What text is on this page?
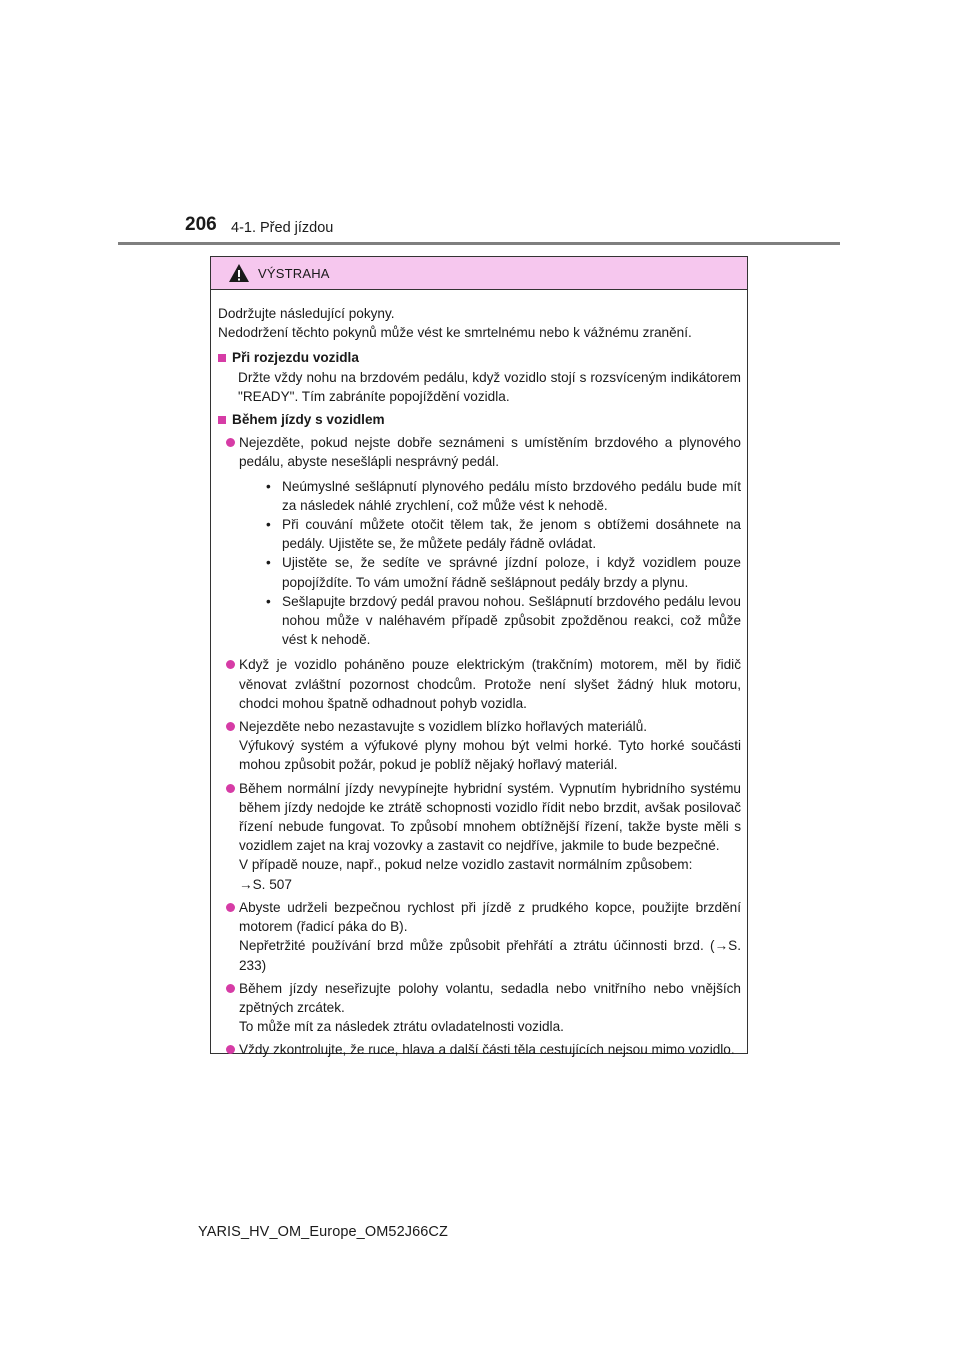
206 4-1. Před jízdou
VÝSTRAHA

Dodržujte následující pokyny.

Nedodržení těchto pokynů může vést ke smrtelnému nebo k vážnému zranění.

Při rozjezdu vozidla

Držte vždy nohu na brzdovém pedálu, když vozidlo stojí s rozsvíceným indikátorem "READY". Tím zabráníte popojíždění vozidla.

Během jízdy s vozidlem

Nejezděte, pokud nejste dobře seznámeni s umístěním brzdového a plynového pedálu, abyste nesešlápli nesprávný pedál.

• Neúmyslné sešlápnutí plynového pedálu místo brzdového pedálu bude mít za následek náhlé zrychlení, což může vést k nehodě.
• Při couvání můžete otočit tělem tak, že jenom s obtížemi dosáhnete na pedály. Ujistěte se, že můžete pedály řádně ovládat.
• Ujistěte se, že sedíte ve správné jízdní poloze, i když vozidlem pouze popojíždíte. To vám umožní řádně sešlápnout pedály brzdy a plynu.
• Sešlapujte brzdový pedál pravou nohou. Sešlápnutí brzdového pedálu levou nohou může v naléhavém případě způsobit zpožděnou reakci, což může vést k nehodě.

Když je vozidlo poháněno pouze elektrickým (trakčním) motorem, měl by řidič věnovat zvláštní pozornost chodcům. Protože není slyšet žádný hluk motoru, chodci mohou špatně odhadnout pohyb vozidla.

Nejezděte nebo nezastavujte s vozidlem blízko hořlavých materiálů.

Výfukový systém a výfukové plyny mohou být velmi horké. Tyto horké součásti mohou způsobit požár, pokud je poblíž nějaký hořlavý materiál.

Během normální jízdy nevypínejte hybridní systém. Vypnutím hybridního systému během jízdy nedojde ke ztrátě schopnosti vozidlo řídit nebo brzdit, avšak posilovač řízení nebude fungovat. To způsobí mnohem obtížnější řízení, takže byste měli s vozidlem zajet na kraj vozovky a zastavit co nejdříve, jakmile to bude bezpečné.

V případě nouze, např., pokud nelze vozidlo zastavit normálním způsobem:

→S. 507

Abyste udrželi bezpečnou rychlost při jízdě z prudkého kopce, použijte brzdění motorem (řadicí páka do B).

Nepřetržité používání brzd může způsobit přehřátí a ztrátu účinnosti brzd. (→S. 233)

Během jízdy neseřizujte polohy volantu, sedadla nebo vnitřního nebo vnějších zpětných zrcátek.

To může mít za následek ztrátu ovladatelnosti vozidla.

Vždy zkontrolujte, že ruce, hlava a další části těla cestujících nejsou mimo vozidlo.

YARIS_HV_OM_Europe_OM52J66CZ
